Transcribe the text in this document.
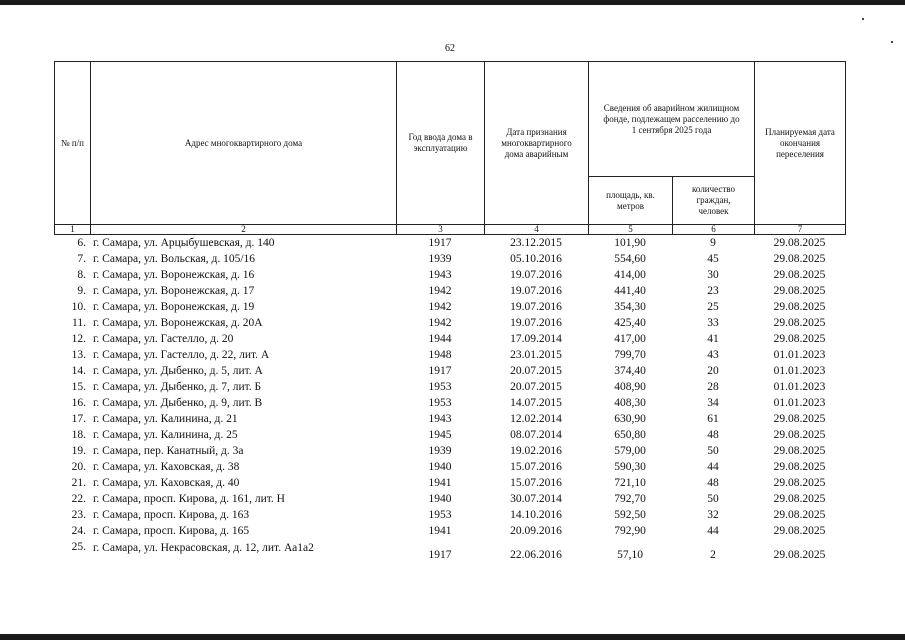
62
№ п/п	Адрес многоквартирного дома	Год ввода дома в эксплуатацию	Дата признания многоквартирного дома аварийным	Сведения об аварийном жилищном фонде, подлежащем расселению до 1 сентября 2025 года		Планируемая дата окончания переселения
				площадь, кв. метров	количество граждан, человек	
1	2	3	4	5	6	7
6.	г. Самара, ул. Арцыбушевская, д. 140	1917	23.12.2015	101,90	9	29.08.2025
7.	г. Самара, ул. Вольская, д. 105/16	1939	05.10.2016	554,60	45	29.08.2025
8.	г. Самара, ул. Воронежская, д. 16	1943	19.07.2016	414,00	30	29.08.2025
9.	г. Самара, ул. Воронежская, д. 17	1942	19.07.2016	441,40	23	29.08.2025
10.	г. Самара, ул. Воронежская, д. 19	1942	19.07.2016	354,30	25	29.08.2025
11.	г. Самара, ул. Воронежская, д. 20А	1942	19.07.2016	425,40	33	29.08.2025
12.	г. Самара, ул. Гастелло, д. 20	1944	17.09.2014	417,00	41	29.08.2025
13.	г. Самара, ул. Гастелло, д. 22, лит. А	1948	23.01.2015	799,70	43	01.01.2023
14.	г. Самара, ул. Дыбенко, д. 5, лит. А	1917	20.07.2015	374,40	20	01.01.2023
15.	г. Самара, ул. Дыбенко, д. 7, лит. Б	1953	20.07.2015	408,90	28	01.01.2023
16.	г. Самара, ул. Дыбенко, д. 9, лит. В	1953	14.07.2015	408,30	34	01.01.2023
17.	г. Самара, ул. Калинина, д. 21	1943	12.02.2014	630,90	61	29.08.2025
18.	г. Самара, ул. Калинина, д. 25	1945	08.07.2014	650,80	48	29.08.2025
19.	г. Самара, пер. Канатный, д. 3а	1939	19.02.2016	579,00	50	29.08.2025
20.	г. Самара, ул. Каховская, д. 38	1940	15.07.2016	590,30	44	29.08.2025
21.	г. Самара, ул. Каховская, д. 40	1941	15.07.2016	721,10	48	29.08.2025
22.	г. Самара, просп. Кирова, д. 161, лит. Н	1940	30.07.2014	792,70	50	29.08.2025
23.	г. Самара, просп. Кирова, д. 163	1953	14.10.2016	592,50	32	29.08.2025
24.	г. Самара, просп. Кирова, д. 165	1941	20.09.2016	792,90	44	29.08.2025
25.	г. Самара, ул. Некрасовская, д. 12, лит. Аа1а2	1917	22.06.2016	57,10	2	29.08.2025
